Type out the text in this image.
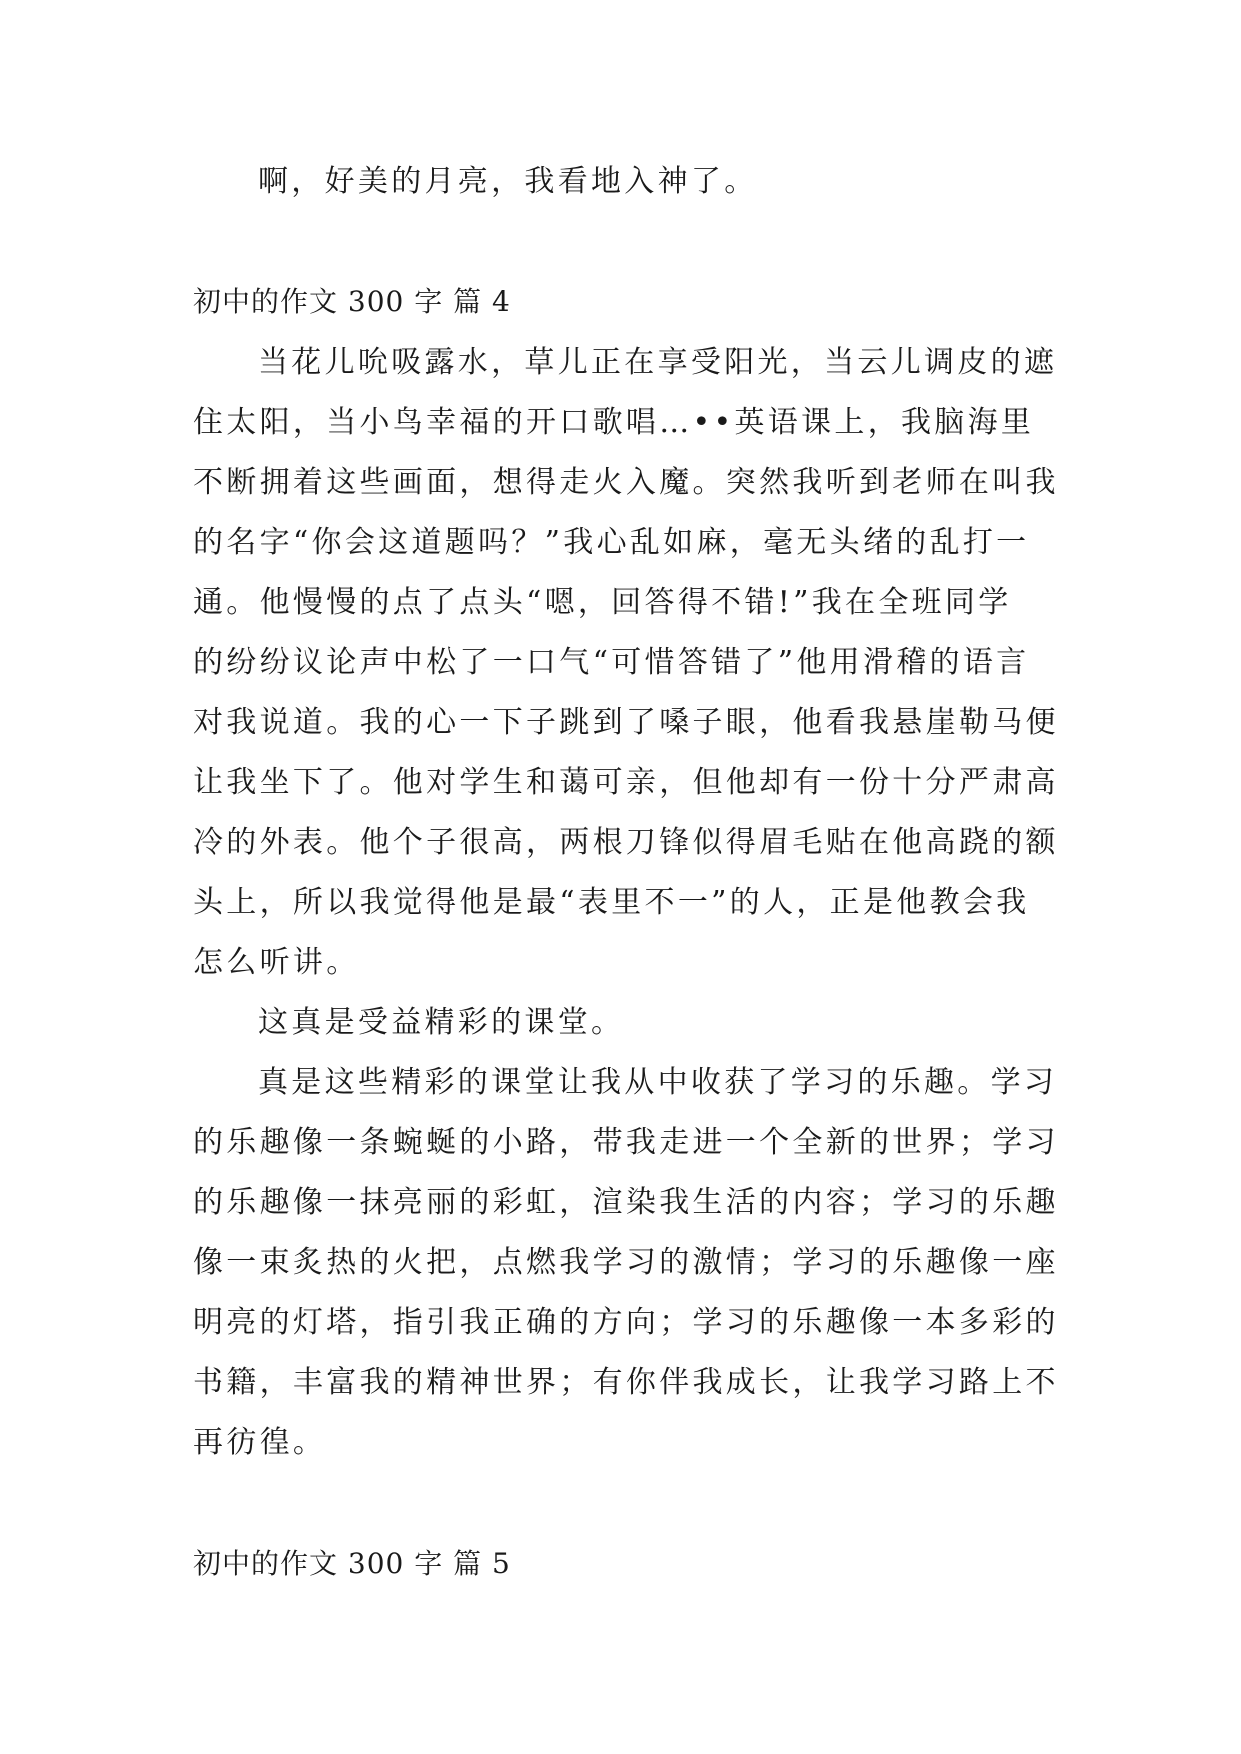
啊，好美的月亮，我看地入神了。
初中的作文 300 字 篇 4
当花儿吮吸露水，草儿正在享受阳光，当云儿调皮的遮
住太阳，当小鸟幸福的开口歌唱…••英语课上，我脑海里
不断拥着这些画面，想得走火入魔。突然我听到老师在叫我
的名字“你会这道题吗？”我心乱如麻，毫无头绪的乱打一
通。他慢慢的点了点头“嗯，回答得不错!”我在全班同学
的纷纷议论声中松了一口气“可惜答错了”他用滑稽的语言
对我说道。我的心一下子跳到了嗓子眼，他看我悬崖勒马便
让我坐下了。他对学生和蔼可亲，但他却有一份十分严肃高
冷的外表。他个子很高，两根刀锋似得眉毛贴在他高跷的额
头上，所以我觉得他是最“表里不一”的人，正是他教会我
怎么听讲。
这真是受益精彩的课堂。
真是这些精彩的课堂让我从中收获了学习的乐趣。学习
的乐趣像一条蜿蜒的小路，带我走进一个全新的世界；学习
的乐趣像一抹亮丽的彩虹，渲染我生活的内容；学习的乐趣
像一束炙热的火把，点燃我学习的激情；学习的乐趣像一座
明亮的灯塔，指引我正确的方向；学习的乐趣像一本多彩的
书籍，丰富我的精神世界；有你伴我成长，让我学习路上不
再彷徨。
初中的作文 300 字 篇 5
